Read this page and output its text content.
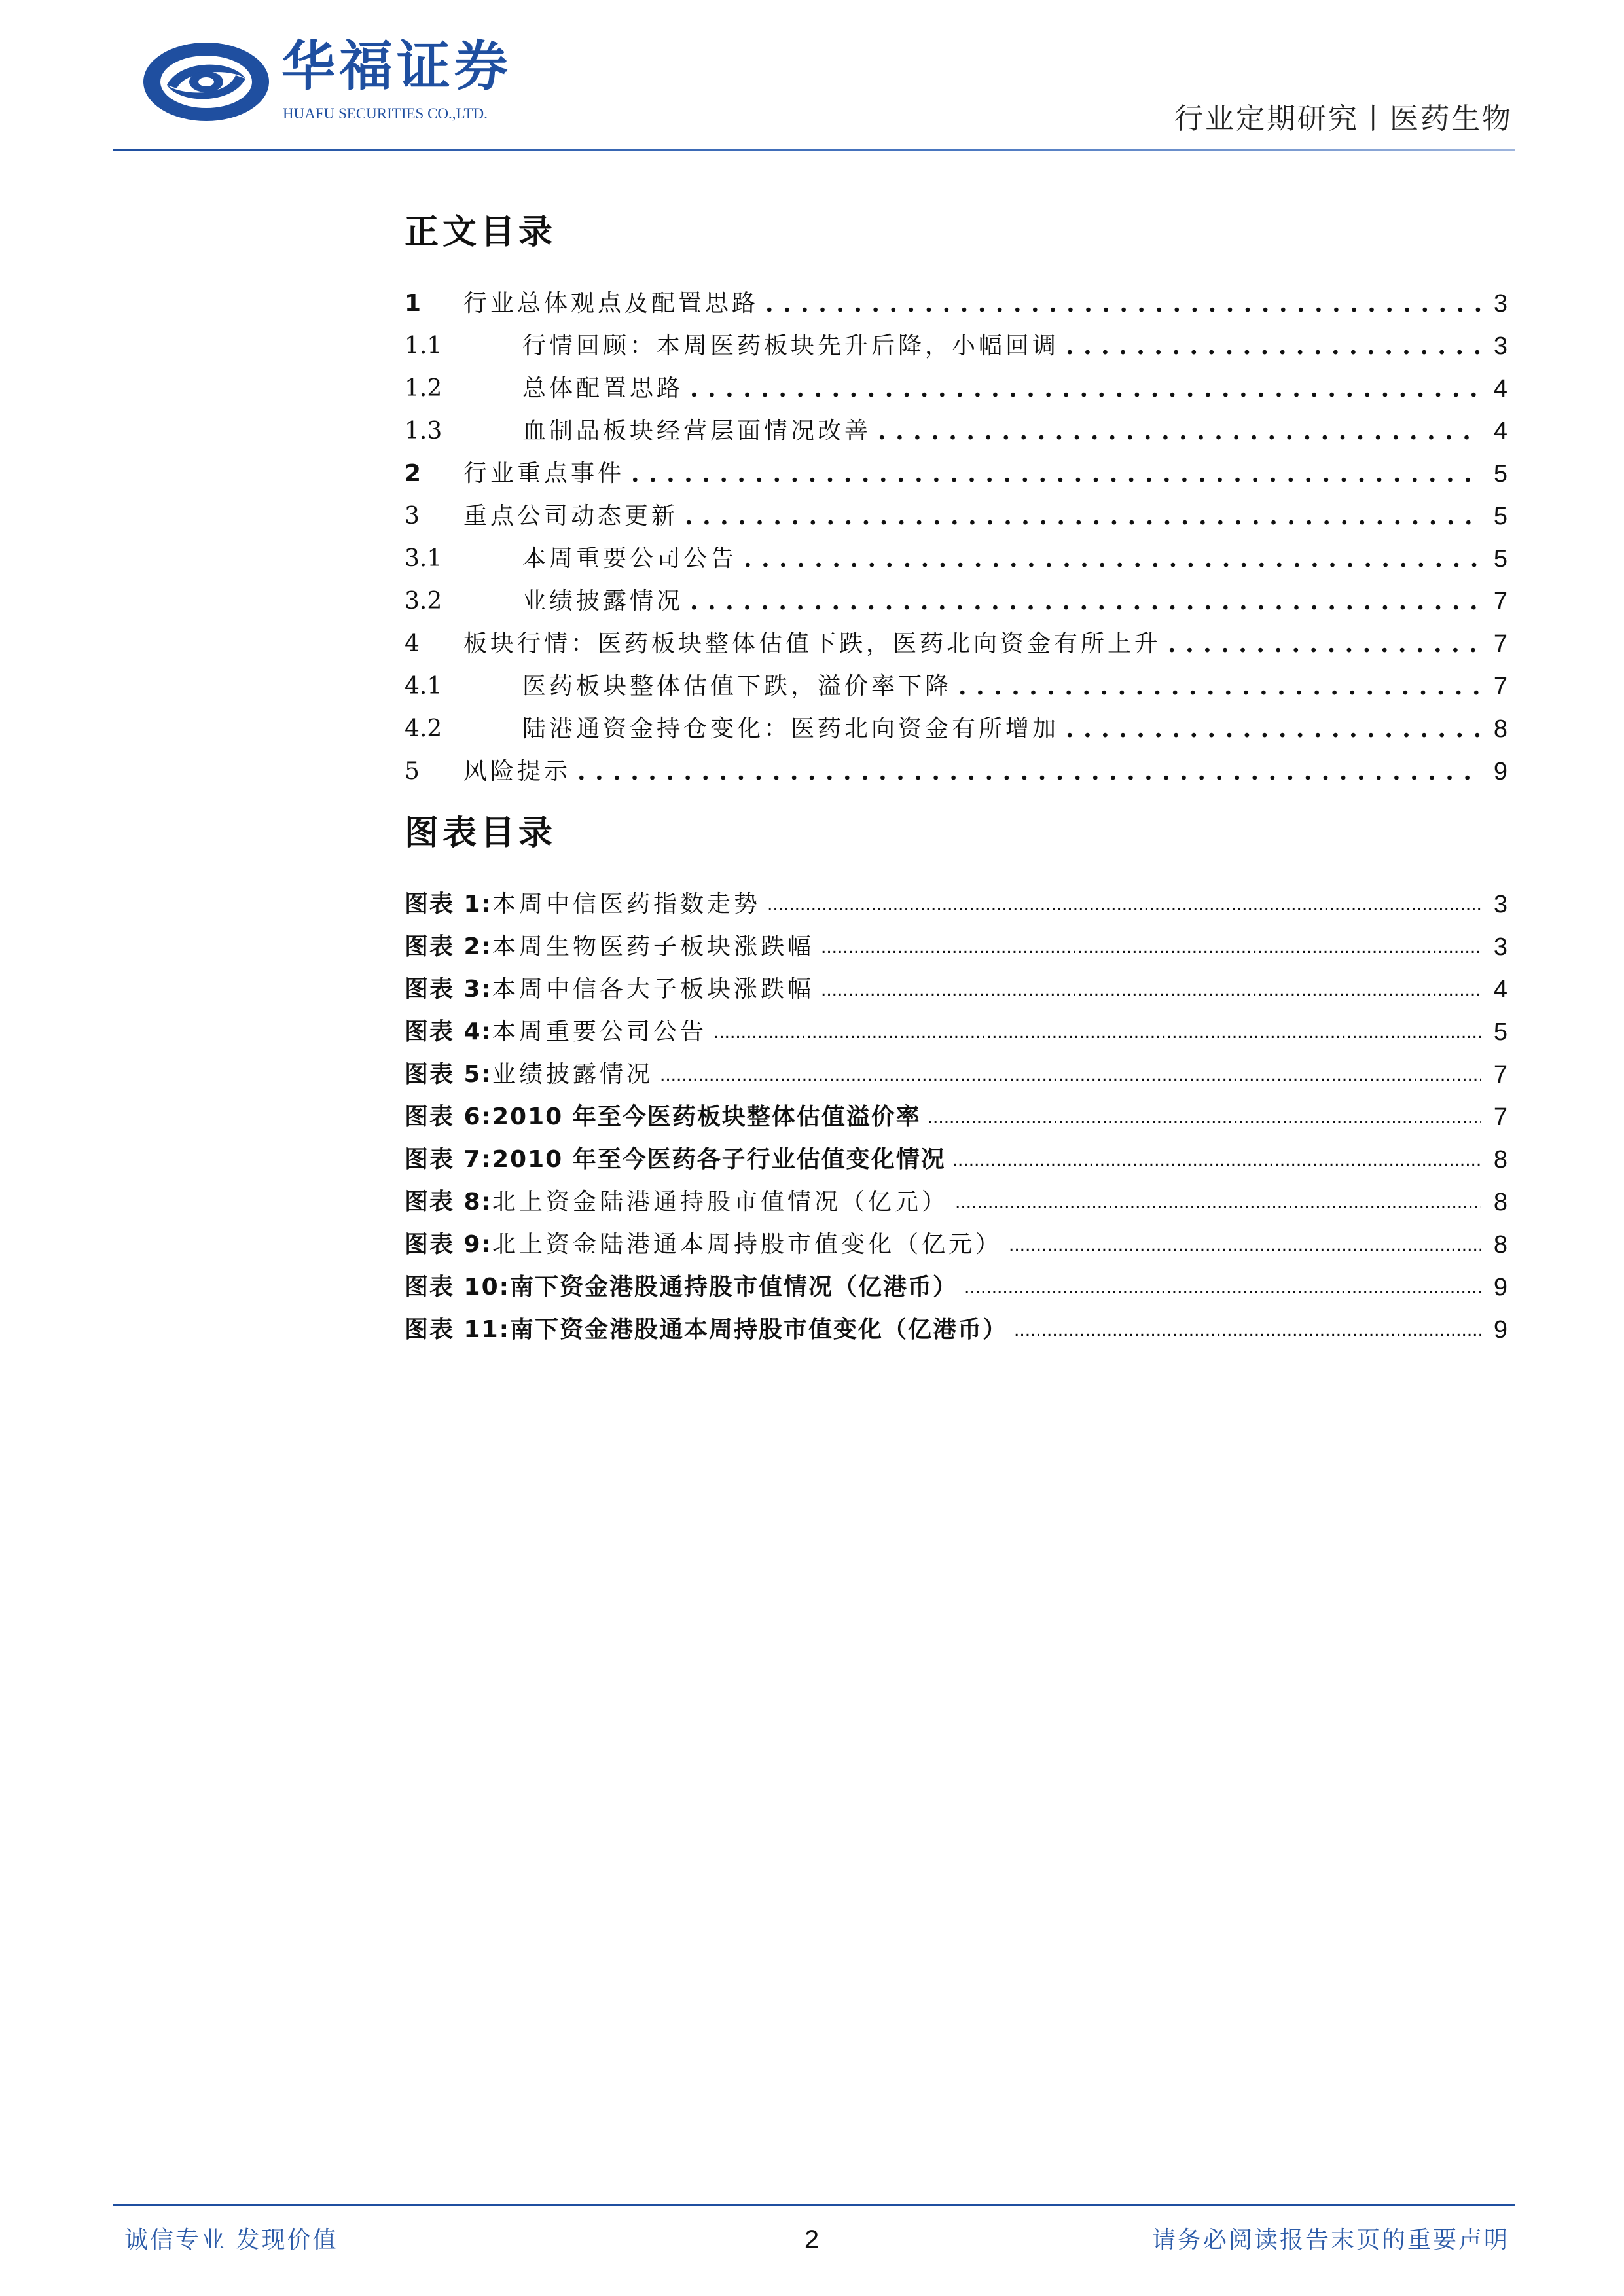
华福证券
HUAFU SECURITIES CO.,LTD.	行业定期研究丨医药生物
正文目录
1	行业总体观点及配置思路 . . .	3
1.1	行情回顾：本周医药板块先升后降，小幅回调 . . .	3
1.2	总体配置思路 . . .	4
1.3	血制品板块经营层面情况改善 . . .	4
2	行业重点事件 . . .	5
3	重点公司动态更新 . . .	5
3.1	本周重要公司公告 . . .	5
3.2	业绩披露情况 . . .	7
4	板块行情：医药板块整体估值下跌，医药北向资金有所上升 . . .	7
4.1	医药板块整体估值下跌，溢价率下降 . . .	7
4.2	陆港通资金持仓变化：医药北向资金有所增加 . . .	8
5	风险提示 . . .	9
图表目录
图表 1:本周中信医药指数走势 .....	3
图表 2:本周生物医药子板块涨跌幅 .....	3
图表 3:本周中信各大子板块涨跌幅 .....	4
图表 4:本周重要公司公告 .....	5
图表 5:业绩披露情况 .....	7
图表 6:2010 年至今医药板块整体估值溢价率 .....	7
图表 7:2010 年至今医药各子行业估值变化情况 .....	8
图表 8:北上资金陆港通持股市值情况（亿元） .....	8
图表 9:北上资金陆港通本周持股市值变化（亿元） .....	8
图表 10:南下资金港股通持股市值情况（亿港币） .....	9
图表 11:南下资金港股通本周持股市值变化（亿港币） .....	9
诚信专业 发现价值	2	请务必阅读报告末页的重要声明
